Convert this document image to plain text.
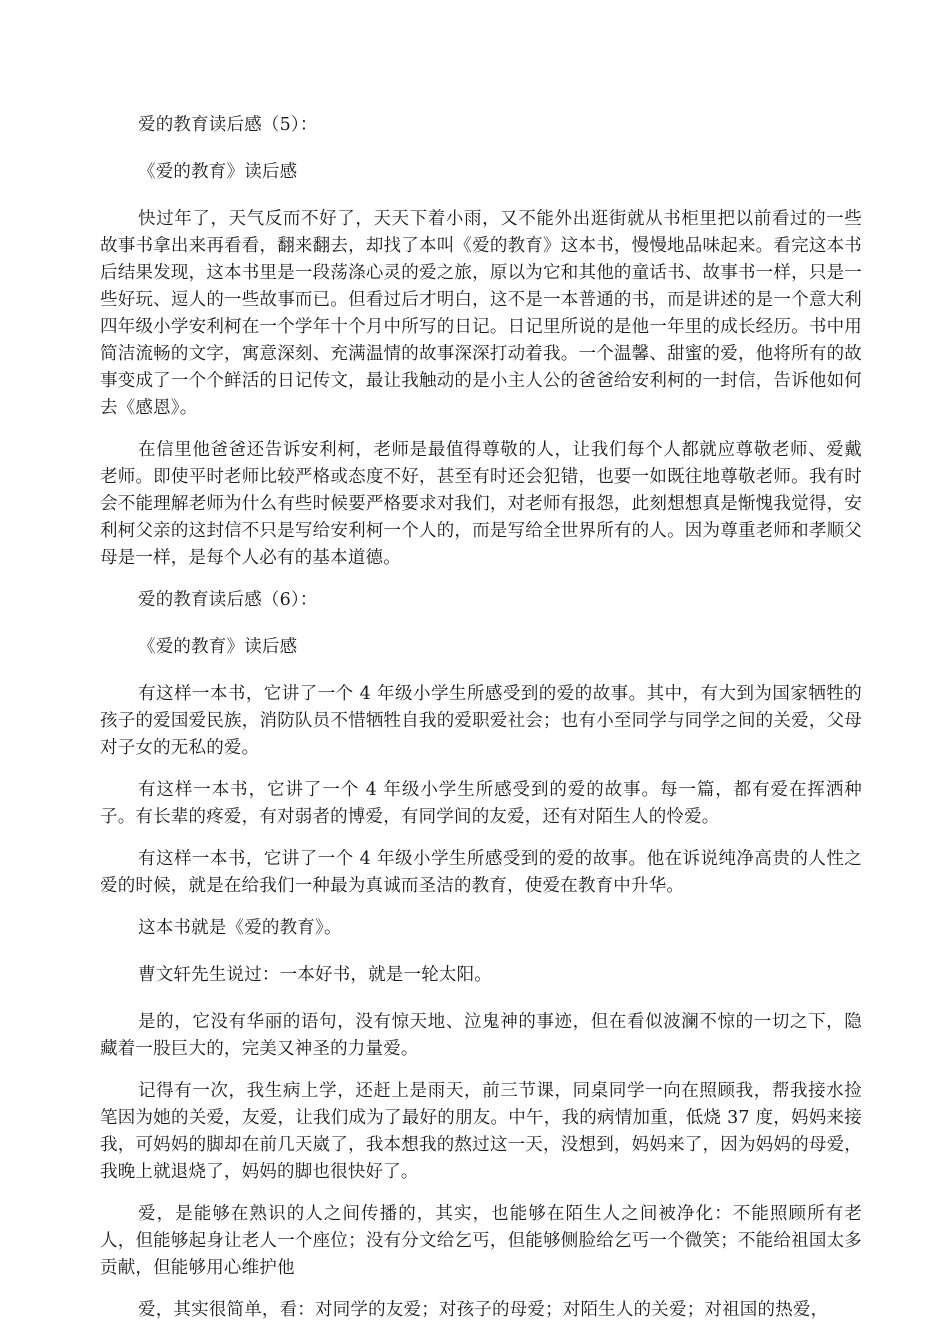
爱的教育读后感（5）：

《爱的教育》读后感

快过年了，天气反而不好了，天天下着小雨，又不能外出逛街就从书柜里把以前看过的一些故事书拿出来再看看，翻来翻去，却找了本叫《爱的教育》这本书，慢慢地品味起来。看完这本书后结果发现，这本书里是一段荡涤心灵的爱之旅，原以为它和其他的童话书、故事书一样，只是一些好玩、逗人的一些故事而已。但看过后才明白，这不是一本普通的书，而是讲述的是一个意大利四年级小学安利柯在一个学年十个月中所写的日记。日记里所说的是他一年里的成长经历。书中用简洁流畅的文字，寓意深刻、充满温情的故事深深打动着我。一个温馨、甜蜜的爱，他将所有的故事变成了一个个鲜活的日记传文，最让我触动的是小主人公的爸爸给安利柯的一封信，告诉他如何去《感恩》。

在信里他爸爸还告诉安利柯，老师是最值得尊敬的人，让我们每个人都就应尊敬老师、爱戴老师。即使平时老师比较严格或态度不好，甚至有时还会犯错，也要一如既往地尊敬老师。我有时会不能理解老师为什么有些时候要严格要求对我们，对老师有报怨，此刻想想真是惭愧我觉得，安利柯父亲的这封信不只是写给安利柯一个人的，而是写给全世界所有的人。因为尊重老师和孝顺父母是一样，是每个人必有的基本道德。

爱的教育读后感（6）：

《爱的教育》读后感

有这样一本书，它讲了一个 4 年级小学生所感受到的爱的故事。其中，有大到为国家牺牲的孩子的爱国爱民族，消防队员不惜牺牲自我的爱职爱社会；也有小至同学与同学之间的关爱，父母对子女的无私的爱。

有这样一本书，它讲了一个 4 年级小学生所感受到的爱的故事。每一篇，都有爱在挥洒种子。有长辈的疼爱，有对弱者的博爱，有同学间的友爱，还有对陌生人的怜爱。

有这样一本书，它讲了一个 4 年级小学生所感受到的爱的故事。他在诉说纯净高贵的人性之爱的时候，就是在给我们一种最为真诚而圣洁的教育，使爱在教育中升华。

这本书就是《爱的教育》。

曹文轩先生说过：一本好书，就是一轮太阳。

是的，它没有华丽的语句，没有惊天地、泣鬼神的事迹，但在看似波澜不惊的一切之下，隐藏着一股巨大的，完美又神圣的力量爱。

记得有一次，我生病上学，还赶上是雨天，前三节课，同桌同学一向在照顾我，帮我接水捡笔因为她的关爱，友爱，让我们成为了最好的朋友。中午，我的病情加重，低烧 37 度，妈妈来接我，可妈妈的脚却在前几天崴了，我本想我的熬过这一天，没想到，妈妈来了，因为妈妈的母爱，我晚上就退烧了，妈妈的脚也很快好了。

爱，是能够在熟识的人之间传播的，其实，也能够在陌生人之间被净化：不能照顾所有老人，但能够起身让老人一个座位；没有分文给乞丐，但能够侧脸给乞丐一个微笑；不能给祖国太多贡献，但能够用心维护他

爱，其实很简单，看：对同学的友爱；对孩子的母爱；对陌生人的关爱；对祖国的热爱，
